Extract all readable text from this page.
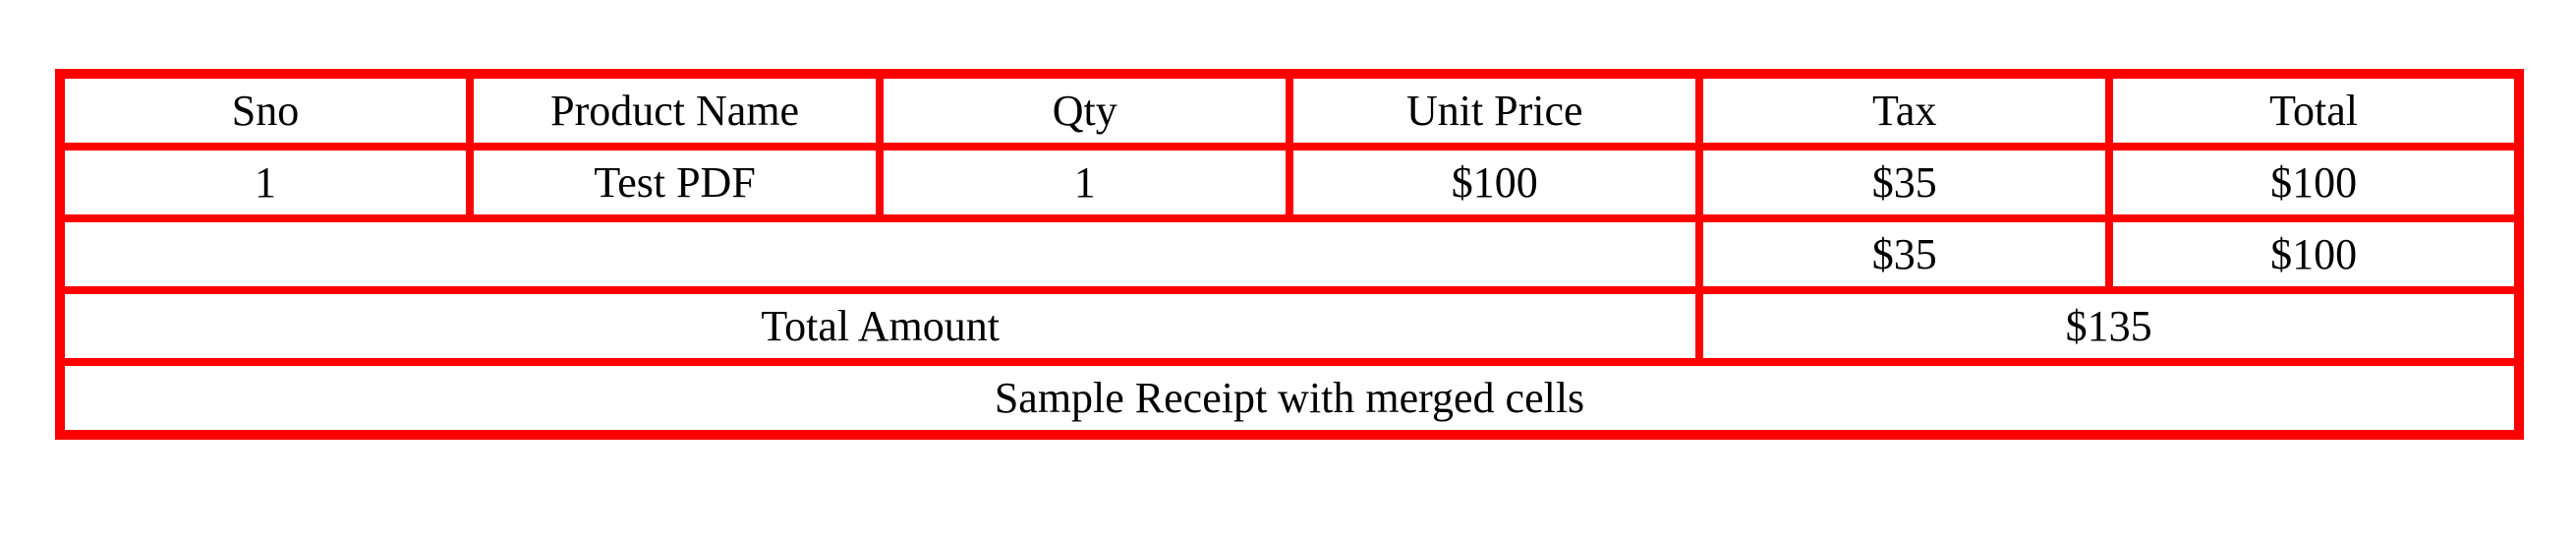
Sno	Product Name	Qty	Unit Price	Tax	Total
1	Test PDF	1	$100	$35	$100
				$35	$100
Total Amount				$135	
Sample Receipt with merged cells					
